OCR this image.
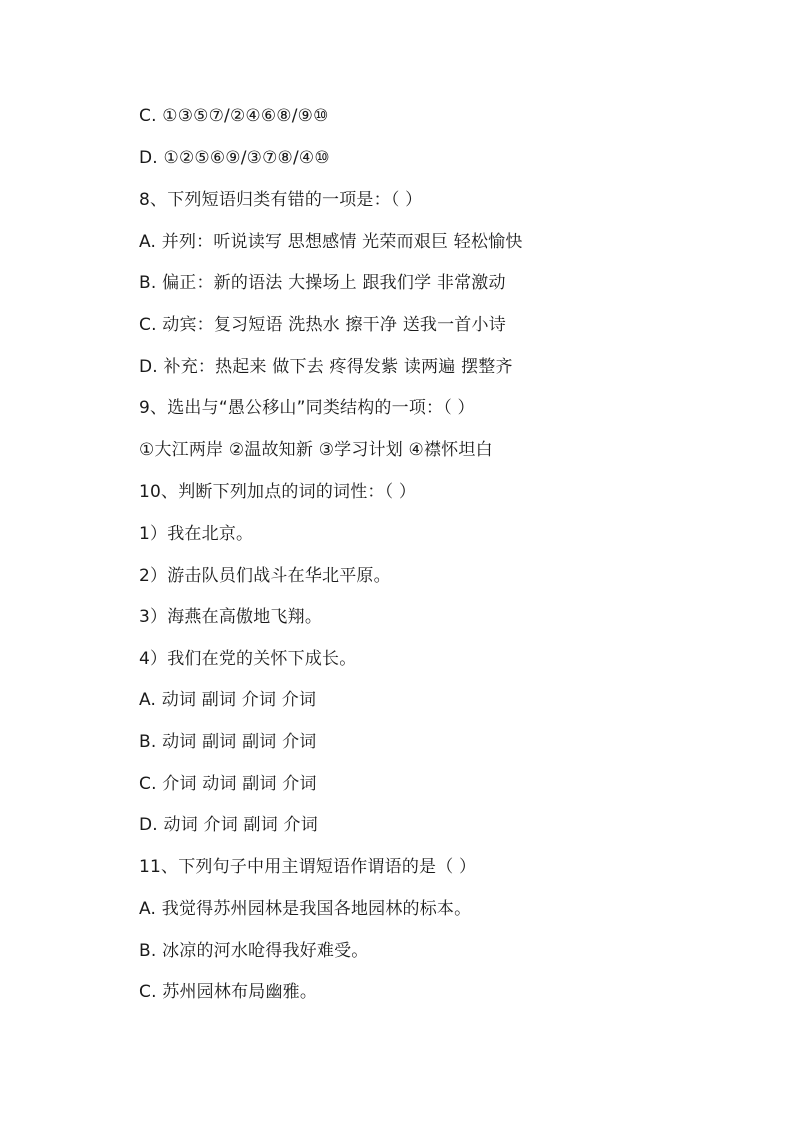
C. ①③⑤⑦/②④⑥⑧/⑨⑩
D. ①②⑤⑥⑨/③⑦⑧/④⑩
8、下列短语归类有错的一项是：（ ）
A. 并列：听说读写 思想感情 光荣而艰巨 轻松愉快
B. 偏正：新的语法 大操场上 跟我们学 非常激动
C. 动宾：复习短语 洗热水 擦干净 送我一首小诗
D. 补充：热起来 做下去 疼得发紫 读两遍 摆整齐
9、选出与“愚公移山”同类结构的一项：（ ）
①大江两岸 ②温故知新 ③学习计划 ④襟怀坦白
10、判断下列加点的词的词性：（ ）
1）我在北京。
2）游击队员们战斗在华北平原。
3）海燕在高傲地飞翔。
4）我们在党的关怀下成长。
A. 动词 副词 介词 介词
B. 动词 副词 副词 介词
C. 介词 动词 副词 介词
D. 动词 介词 副词 介词
11、下列句子中用主谓短语作谓语的是（ ）
A. 我觉得苏州园林是我国各地园林的标本。
B. 冰凉的河水呛得我好难受。
C. 苏州园林布局幽雅。
